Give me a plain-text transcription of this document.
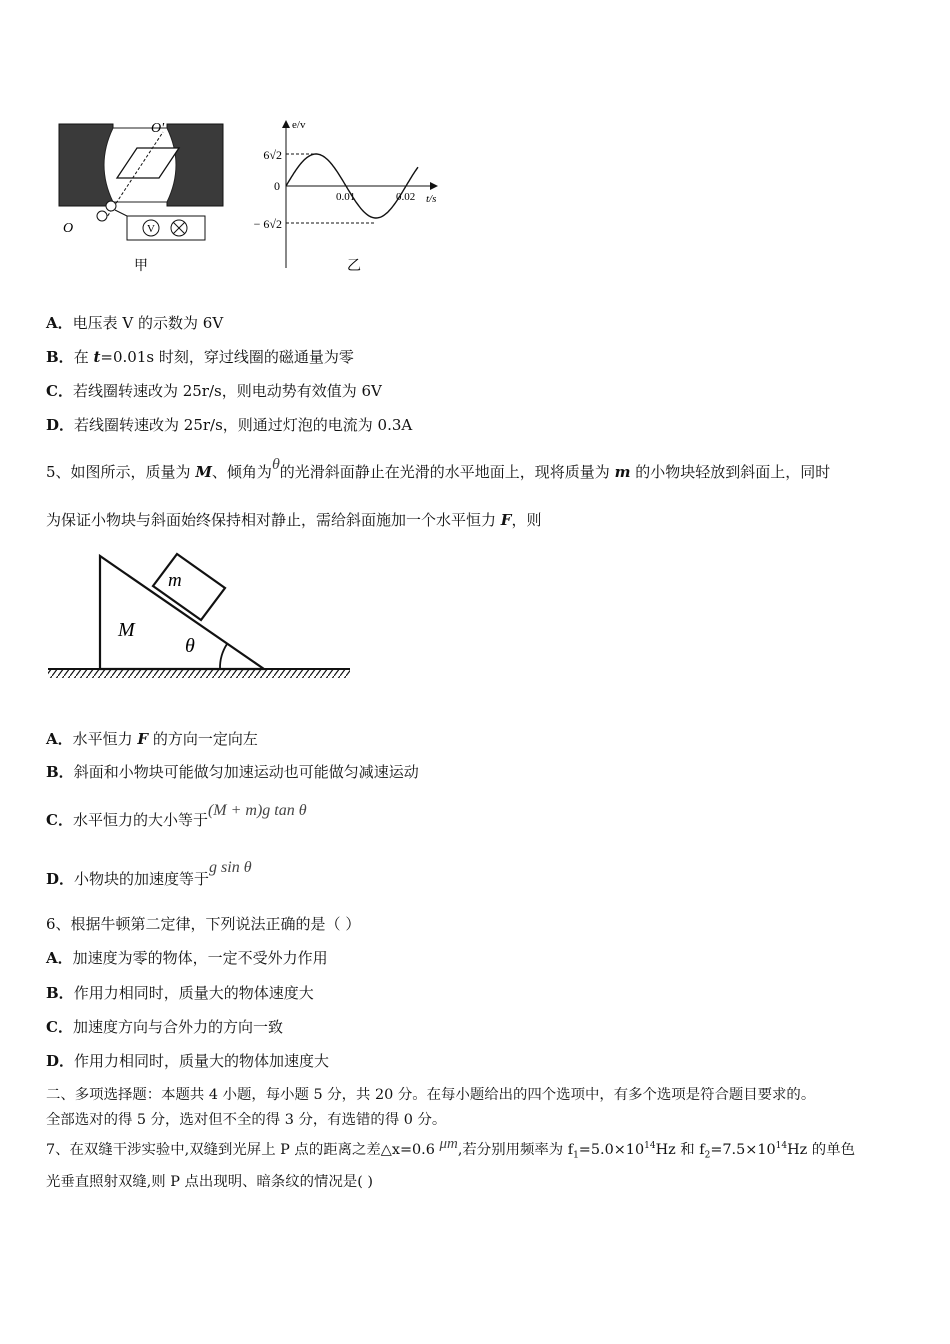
V
O
O'
甲
e/v
t/s
0
0.01	0.02
6√2
− 6√2
乙
A．电压表 V 的示数为 6V
B．在 t=0.01s 时刻，穿过线圈的磁通量为零
C．若线圈转速改为 25r/s，则电动势有效值为 6V
D．若线圈转速改为 25r/s，则通过灯泡的电流为 0.3A
5、如图所示，质量为 M、倾角为θ的光滑斜面静止在光滑的水平地面上，现将质量为 m 的小物块轻放到斜面上，同时
为保证小物块与斜面始终保持相对静止，需给斜面施加一个水平恒力 F，则
M
m
θ
A．水平恒力 F 的方向一定向左
B．斜面和小物块可能做匀加速运动也可能做匀减速运动
C．水平恒力的大小等于(M + m)g tan θ
D．小物块的加速度等于g sin θ
6、根据牛顿第二定律，下列说法正确的是（ ）
A．加速度为零的物体，一定不受外力作用
B．作用力相同时，质量大的物体速度大
C．加速度方向与合外力的方向一致
D．作用力相同时，质量大的物体加速度大
二、多项选择题：本题共 4 小题，每小题 5 分，共 20 分。在每小题给出的四个选项中，有多个选项是符合题目要求的。
全部选对的得 5 分，选对但不全的得 3 分，有选错的得 0 分。
7、在双缝干涉实验中,双缝到光屏上 P 点的距离之差△x=0.6 μm,若分别用频率为 $f_1=5.0\times 10^{14}Hz$ 和 $f_2=7.5\times 10^{14}Hz$ 的单色
光垂直照射双缝,则 P 点出现明、暗条纹的情况是( )
